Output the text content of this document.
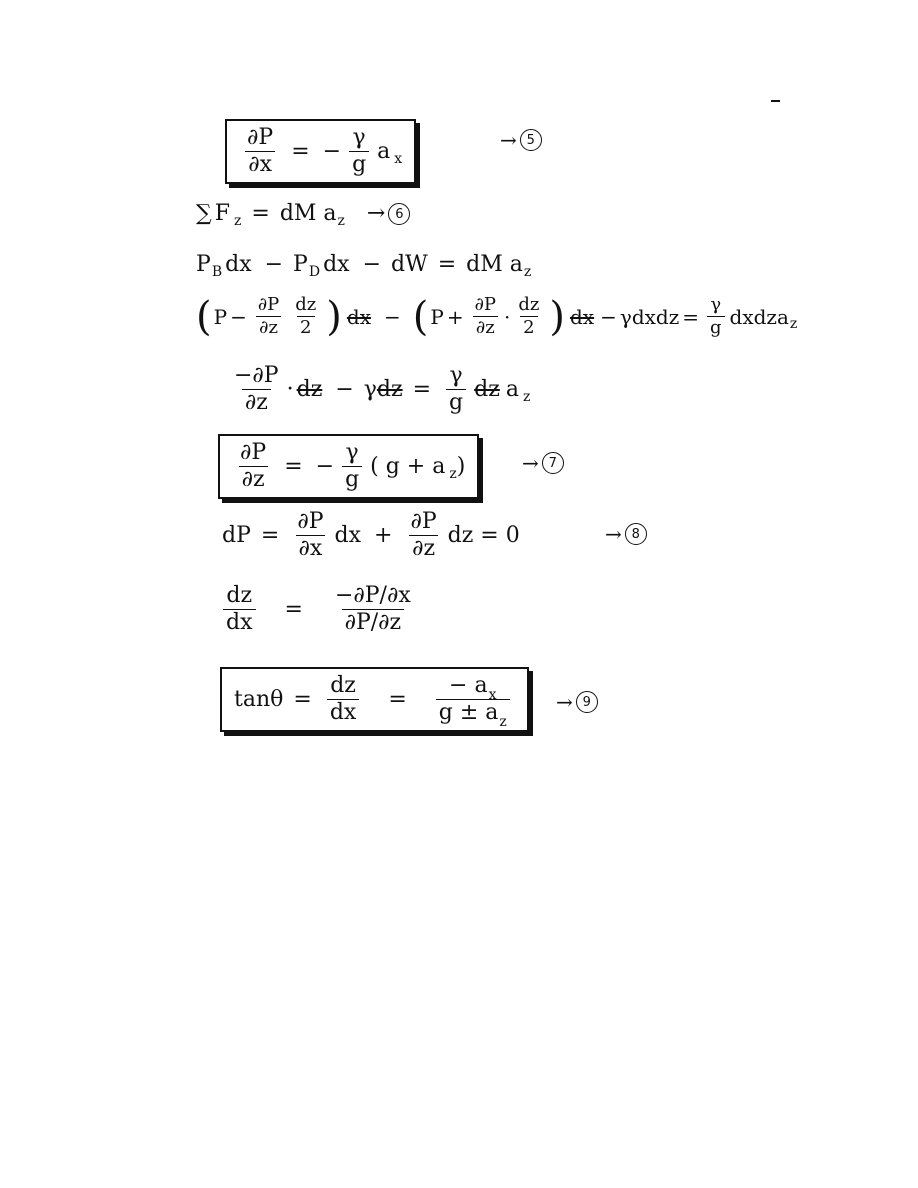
$\frac{\partial P}{\partial x}$ = − $\frac{\gamma}{g}$ a x
→ 5
∑ F z = dM a z → 6
P B dx − P D dx − dW = dM a z
( $P - \frac{\partial P}{\partial z} \frac{dz}{2}$ ) dx − ( $P + \frac{\partial P}{\partial z} \cdot \frac{dz}{2}$ ) dx − γdxdz = $\frac{\gamma}{g}$ dxdza z
$\frac{-\partial P}{\partial z}$ · dz − γ dz = $\frac{\gamma}{g}$ dz a z
$\frac{\partial P}{\partial z}$ = − $\frac{\gamma}{g}$ ( g + a z )	→ 7
dP = $\frac{\partial P}{\partial x}$ dx + $\frac{\partial P}{\partial z}$ dz = 0	→ 8
$\frac{dz}{dx} = \frac{-\partial P/\partial x}{\partial P/\partial z}$
$\tan\theta = \frac{dz}{dx} = \frac{- a_x}{g \pm a_z} \to 9$
